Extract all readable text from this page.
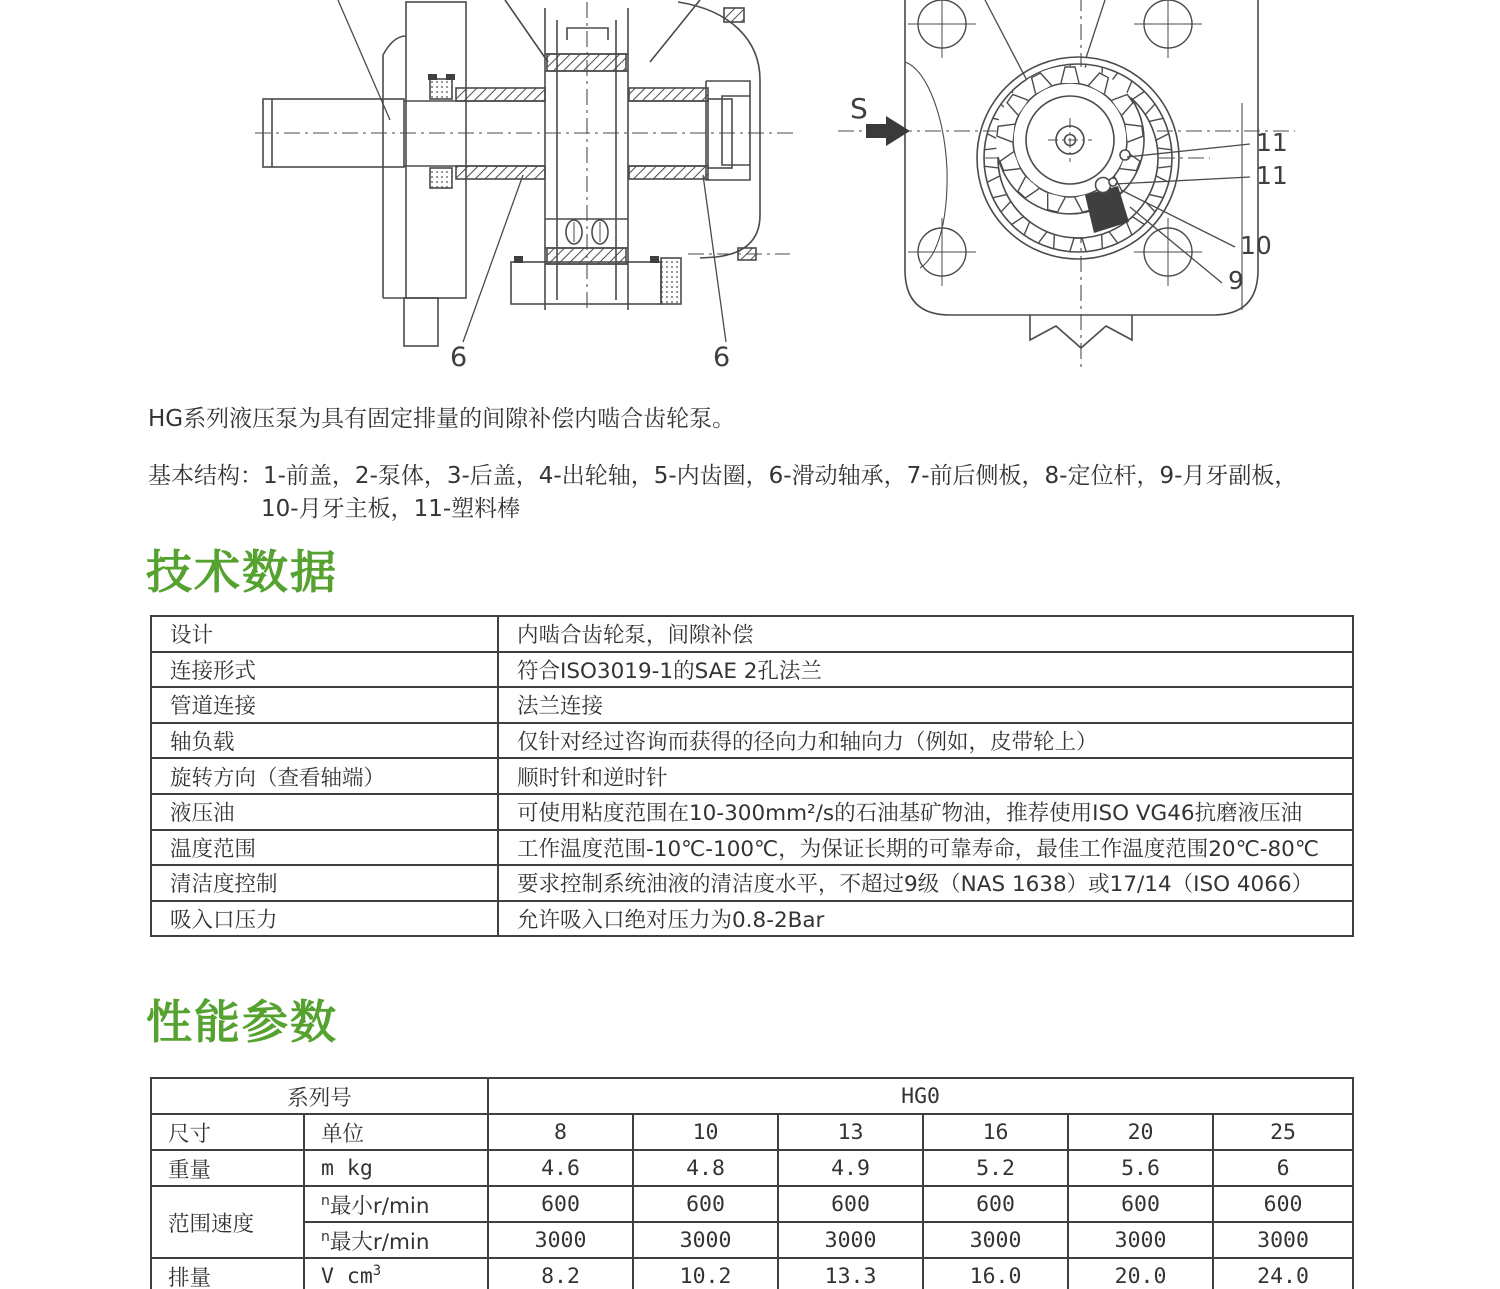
6	6
S
11
11
10
9
HG系列液压泵为具有固定排量的间隙补偿内啮合齿轮泵。
基本结构：1-前盖，2-泵体，3-后盖，4-出轮轴，5-内齿圈，6-滑动轴承，7-前后侧板，8-定位杆，9-月牙副板，
10-月牙主板，11-塑料棒
技术数据
设计	内啮合齿轮泵，间隙补偿
连接形式	符合ISO3019-1的SAE 2孔法兰
管道连接	法兰连接
轴负载	仅针对经过咨询而获得的径向力和轴向力（例如，皮带轮上）
旋转方向（查看轴端）	顺时针和逆时针
液压油	可使用粘度范围在10-300mm²/s的石油基矿物油，推荐使用ISO VG46抗磨液压油
温度范围	工作温度范围-10℃-100℃，为保证长期的可靠寿命，最佳工作温度范围20℃-80℃
清洁度控制	要求控制系统油液的清洁度水平，不超过9级（NAS 1638）或17/14（ISO 4066）
吸入口压力	允许吸入口绝对压力为0.8-2Bar
性能参数
系列号		HG0					
尺寸	单位	8	10	13	16	20	25
重量	m kg	4.6	4.8	4.9	5.2	5.6	6
范围速度	$^n$最小r/min	600	600	600	600	600	600
	$^n$最大r/min	3000	3000	3000	3000	3000	3000
排量	V $cm^3$	8.2	10.2	13.3	16.0	20.0	24.0
